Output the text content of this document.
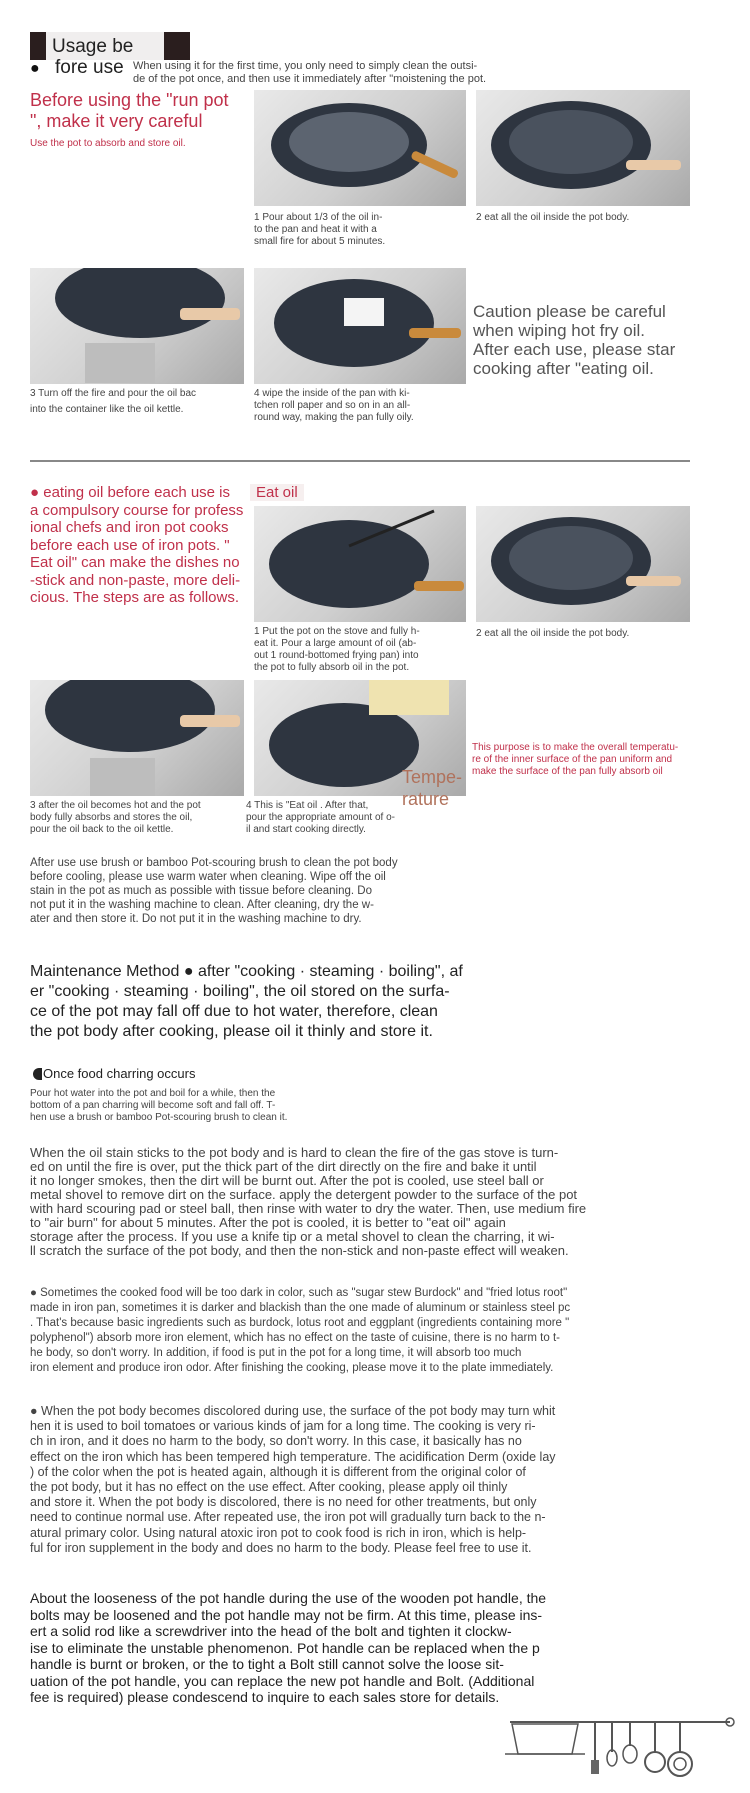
Usage be
● fore use When using it for the first time, you only need to simply clean the outsi-
de of the pot once, and then use it immediately after "moistening the pot.
Before using the "run pot
", make it very careful
Use the pot to absorb and store oil.
1 Pour about 1/3 of the oil in-
to the pan and heat it with a
small fire for about 5 minutes.
2 eat all the oil inside the pot body.
3 Turn off the fire and pour the oil bac
into the container like the oil kettle.
4 wipe the inside of the pan with ki-
tchen roll paper and so on in an all-
round way, making the pan fully oily.
Caution please be careful
when wiping hot fry oil.
After each use, please star
cooking after "eating oil.
● eating oil before each use is
a compulsory course for profess
ional chefs and iron pot cooks
before each use of iron pots. "
Eat oil" can make the dishes no
-stick and non-paste, more deli-
cious. The steps are as follows.
Eat oil
1 Put the pot on the stove and fully h-
eat it. Pour a large amount of oil (ab-
out 1 round-bottomed frying pan) into
the pot to fully absorb oil in the pot.
2 eat all the oil inside the pot body.
3 after the oil becomes hot and the pot
body fully absorbs and stores the oil,
pour the oil back to the oil kettle.
4 This is "Eat oil . After that,
pour the appropriate amount of o-
il and start cooking directly.
Tempe-
rature
This purpose is to make the overall temperatu-
re of the inner surface of the pan uniform and
make the surface of the pan fully absorb oil
After use use brush or bamboo Pot-scouring brush to clean the pot body
before cooling, please use warm water when cleaning. Wipe off the oil
stain in the pot as much as possible with tissue before cleaning. Do
not put it in the washing machine to clean. After cleaning, dry the w-
ater and then store it. Do not put it in the washing machine to dry.
Maintenance Method ● after "cooking · steaming · boiling", af
er "cooking · steaming · boiling", the oil stored on the surfa-
ce of the pot may fall off due to hot water, therefore, clean
the pot body after cooking, please oil it thinly and store it.
Once food charring occurs
Pour hot water into the pot and boil for a while, then the
bottom of a pan charring will become soft and fall off. T-
hen use a brush or bamboo Pot-scouring brush to clean it.
When the oil stain sticks to the pot body and is hard to clean the fire of the gas stove is turn-
ed on until the fire is over, put the thick part of the dirt directly on the fire and bake it until
it no longer smokes, then the dirt will be burnt out. After the pot is cooled, use steel ball or
metal shovel to remove dirt on the surface. apply the detergent powder to the surface of the pot
with hard scouring pad or steel ball, then rinse with water to dry the water. Then, use medium fire
to "air burn" for about 5 minutes. After the pot is cooled, it is better to "eat oil" again
storage after the process. If you use a knife tip or a metal shovel to clean the charring, it wi-
ll scratch the surface of the pot body, and then the non-stick and non-paste effect will weaken.
● Sometimes the cooked food will be too dark in color, such as "sugar stew Burdock" and "fried lotus root"
made in iron pan, sometimes it is darker and blackish than the one made of aluminum or stainless steel pc
. That's because basic ingredients such as burdock, lotus root and eggplant (ingredients containing more "
polyphenol") absorb more iron element, which has no effect on the taste of cuisine, there is no harm to t-
he body, so don't worry. In addition, if food is put in the pot for a long time, it will absorb too much
iron element and produce iron odor. After finishing the cooking, please move it to the plate immediately.
● When the pot body becomes discolored during use, the surface of the pot body may turn whit
hen it is used to boil tomatoes or various kinds of jam for a long time. The cooking is very ri-
ch in iron, and it does no harm to the body, so don't worry. In this case, it basically has no
effect on the iron which has been tempered high temperature. The acidification Derm (oxide lay
) of the color when the pot is heated again, although it is different from the original color of
the pot body, but it has no effect on the use effect. After cooking, please apply oil thinly
and store it. When the pot body is discolored, there is no need for other treatments, but only
need to continue normal use. After repeated use, the iron pot will gradually turn back to the n-
atural primary color. Using natural atoxic iron pot to cook food is rich in iron, which is help-
ful for iron supplement in the body and does no harm to the body. Please feel free to use it.
About the looseness of the pot handle during the use of the wooden pot handle, the
bolts may be loosened and the pot handle may not be firm. At this time, please ins-
ert a solid rod like a screwdriver into the head of the bolt and tighten it clockw-
ise to eliminate the unstable phenomenon. Pot handle can be replaced when the p
handle is burnt or broken, or the to tight a Bolt still cannot solve the loose sit-
uation of the pot handle, you can replace the new pot handle and Bolt. (Additional
fee is required) please condescend to inquire to each sales store for details.
